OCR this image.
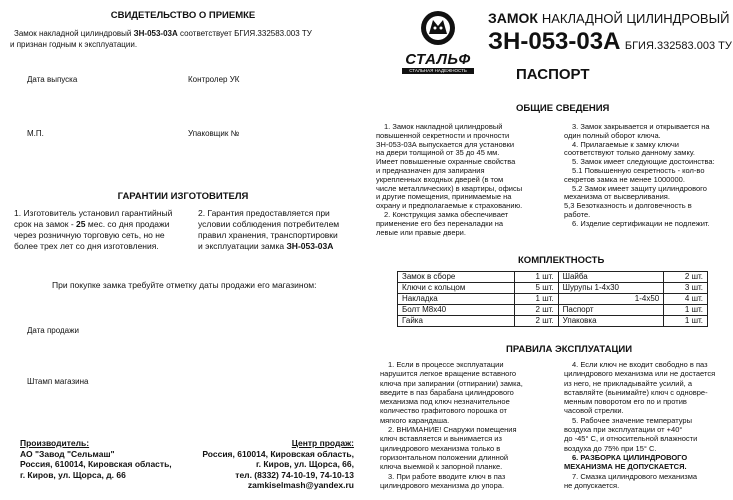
СВИДЕТЕЛЬСТВО О ПРИЕМКЕ
Замок накладной цилиндровый ЗН-053-03А соответствует БГИЯ.332583.003 ТУ
и признан годным к эксплуатации.
Дата выпуска	Контролер УК
М.П.	Упаковщик №
ГАРАНТИИ ИЗГОТОВИТЕЛЯ
1. Изготовитель установил гарантийный
срок на замок - 25 мес. со дня продажи
через розничную торговую сеть, но не
более трех лет со дня изготовления.
2. Гарантия предоставляется при
условии соблюдения потребителем
правил хранения, транспортировки
и эксплуатации замка ЗН-053-03А
При покупке замка требуйте отметку даты продажи его магазином:
Дата продажи
Штамп магазина
Производитель:
АО "Завод "Сельмаш"
Россия, 610014, Кировская область,
г. Киров, ул. Щорса, д. 66
Центр продаж:
Россия, 610014, Кировская область,
г. Киров, ул. Щорса, 66,
тел. (8332) 74-10-19, 74-10-13
zamkiselmash@yandex.ru
СТАЛЬФ
СТАЛЬНАЯ НАДЕЖНОСТЬ
ЗАМОК НАКЛАДНОЙ ЦИЛИНДРОВЫЙ
ЗН-053-03А БГИЯ.332583.003 ТУ
ПАСПОРТ
ОБЩИЕ СВЕДЕНИЯ
1. Замок накладной цилиндровый
повышенной секретности и прочности
ЗН-053-03А выпускается для установки
на двери толщиной от 35 до 45 мм.
Имеет повышенные охранные свойства
и предназначен для запирания
укрепленных входных дверей (в том
числе металлических) в квартиры, офисы
и другие помещения, принимаемые на
охрану и предполагаемые к страхованию.
2. Конструкция замка обеспечивает
применение его без переналадки на
левые или правые двери.
3. Замок закрывается и открывается на
один полный оборот ключа.
4. Прилагаемые к замку ключи
соответствуют только данному замку.
5. Замок имеет следующие достоинства:
5.1 Повышенную секретность - кол-во
секретов замка не менее 1000000.
5.2 Замок имеет защиту цилиндрового
механизма от высверливания.
5,3 Безотказность и долговечность в
работе.
6. Изделие сертификации не подлежит.
КОМПЛЕКТНОСТЬ
Замок в сборе	1 шт.	Шайба	2 шт.
Ключи с кольцом	5 шт.	Шурупы 1-4х30	3 шт.
Накладка	1 шт.	1-4х50	4 шт.
Болт М8х40	2 шт.	Паспорт	1 шт.
Гайка	2 шт.	Упаковка	1 шт.
ПРАВИЛА ЭКСПЛУАТАЦИИ
1. Если в процессе эксплуатации
нарушится легкое вращение вставного
ключа при запирании (отпирании) замка,
введите в паз барабана цилиндрового
механизма под ключ незначительное
количество графитового порошка от
мягкого карандаша.
2. ВНИМАНИЕ! Снаружи помещения
ключ вставляется и вынимается из
цилиндрового механизма только в
горизонтальном положении длинной
ключа выемкой к запорной планке.
3. При работе вводите ключ в паз
цилиндрового механизма до упора.
4. Если ключ не входит свободно в паз
цилиндрового механизма или не достается
из него, не прикладывайте усилий, а
вставляйте (вынимайте) ключ с одновре-
менным поворотом его по и против
часовой стрелки.
5. Рабочее значение температуры
воздуха при эксплуатации от +40°
до -45° С, и относительной влажности
воздуха до 75% при 15° С.
6. РАЗБОРКА ЦИЛИНДРОВОГО
МЕХАНИЗМА НЕ ДОПУСКАЕТСЯ.
7. Смазка цилиндрового механизма
не допускается.
